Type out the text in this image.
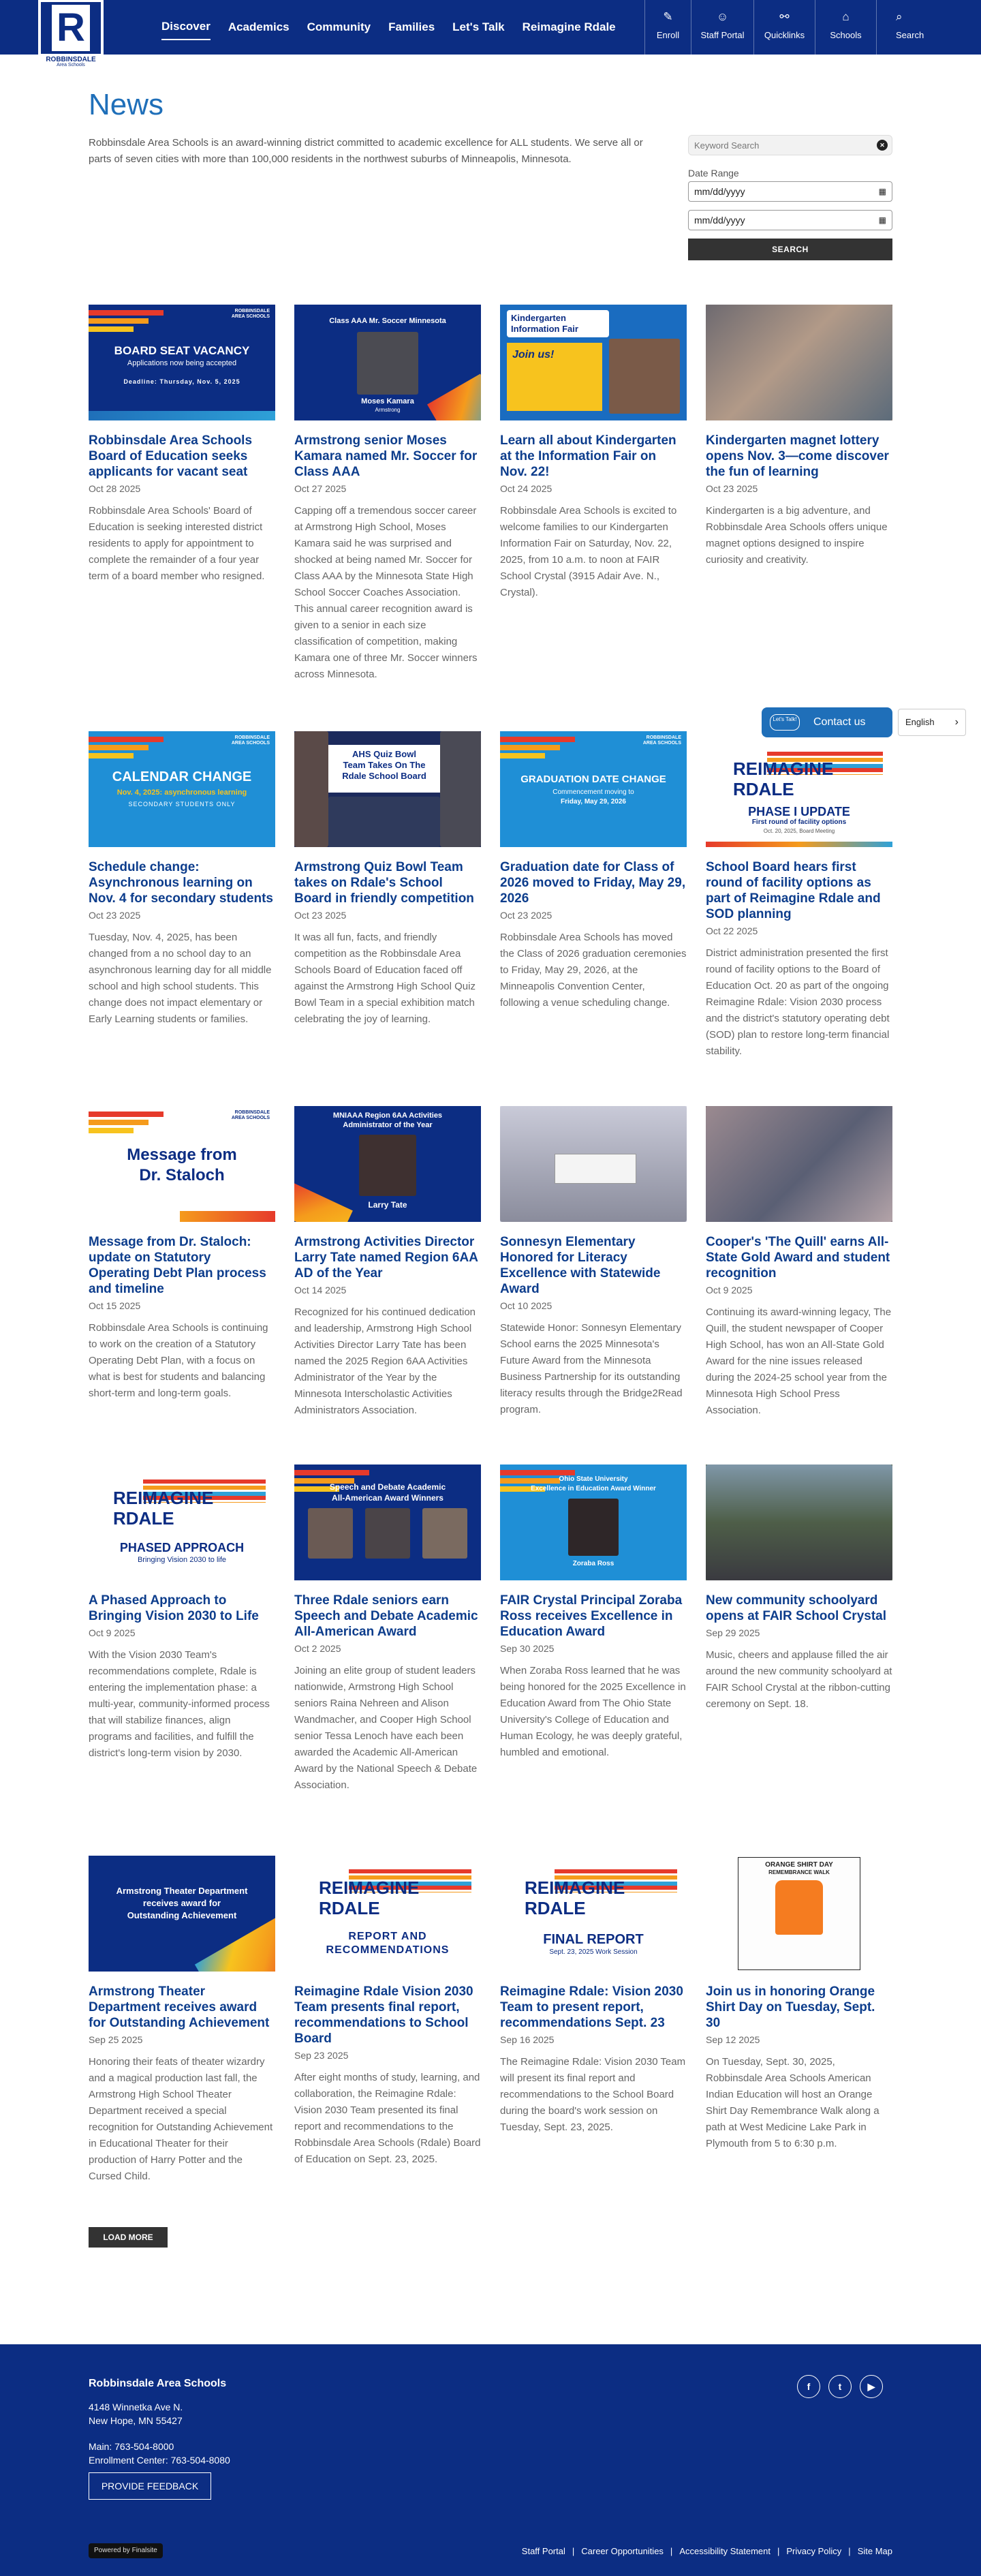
R
ROBBINSDALE
Area Schools
Discover Academics Community Families Let's Talk Reimagine Rdale
✎
Enroll
☺
Staff Portal
⚯
Quicklinks
⌂
Schools
⌕
Search
News

Robbinsdale Area Schools is an award-winning district committed to academic excellence for ALL students. We serve all or parts of seven cities with more than 100,000 residents in the northwest suburbs of Minneapolis, Minnesota.

Keyword Search	✕
Date Range
mm/dd/yyyy	▦
mm/dd/yyyy	▦
SEARCH
ROBBINSDALE
AREA SCHOOLS
BOARD SEAT VACANCY
Applications now being accepted
Deadline: Thursday, Nov. 5, 2025
Robbinsdale Area Schools Board of Education seeks applicants for vacant seat
Oct 28 2025
Robbinsdale Area Schools' Board of Education is seeking interested district residents to apply for appointment to complete the remainder of a four year term of a board member who resigned.
Class AAA Mr. Soccer Minnesota
Moses Kamara
Armstrong
Armstrong senior Moses Kamara named Mr. Soccer for Class AAA
Oct 27 2025
Capping off a tremendous soccer career at Armstrong High School, Moses Kamara said he was surprised and shocked at being named Mr. Soccer for Class AAA by the Minnesota State High School Soccer Coaches Association. This annual career recognition award is given to a senior in each size classification of competition, making Kamara one of three Mr. Soccer winners across Minnesota.
Kindergarten Information Fair
Join us!
Learn all about Kindergarten at the Information Fair on Nov. 22!
Oct 24 2025
Robbinsdale Area Schools is excited to welcome families to our Kindergarten Information Fair on Saturday, Nov. 22, 2025, from 10 a.m. to noon at FAIR School Crystal (3915 Adair Ave. N., Crystal).
Kindergarten magnet lottery opens Nov. 3—come discover the fun of learning
Oct 23 2025
Kindergarten is a big adventure, and Robbinsdale Area Schools offers unique magnet options designed to inspire curiosity and creativity.
ROBBINSDALE
AREA SCHOOLS
CALENDAR CHANGE
Nov. 4, 2025: asynchronous learning
SECONDARY STUDENTS ONLY
Schedule change: Asynchronous learning on Nov. 4 for secondary students
Oct 23 2025
Tuesday, Nov. 4, 2025, has been changed from a no school day to an asynchronous learning day for all middle school and high school students. This change does not impact elementary or Early Learning students or families.
AHS Quiz Bowl
Team Takes On The
Rdale School Board
Armstrong Quiz Bowl Team takes on Rdale's School Board in friendly competition
Oct 23 2025
It was all fun, facts, and friendly competition as the Robbinsdale Area Schools Board of Education faced off against the Armstrong High School Quiz Bowl Team in a special exhibition match celebrating the joy of learning.
ROBBINSDALE
AREA SCHOOLS
GRADUATION DATE CHANGE
Commencement moving to
Friday, May 29, 2026
Graduation date for Class of 2026 moved to Friday, May 29, 2026
Oct 23 2025
Robbinsdale Area Schools has moved the Class of 2026 graduation ceremonies to Friday, May 29, 2026, at the Minneapolis Convention Center, following a venue scheduling change.
REIMAGINE
RDALE
PHASE I UPDATE
First round of facility options
Oct. 20, 2025, Board Meeting
School Board hears first round of facility options as part of Reimagine Rdale and SOD planning
Oct 22 2025
District administration presented the first round of facility options to the Board of Education Oct. 20 as part of the ongoing Reimagine Rdale: Vision 2030 process and the district's statutory operating debt (SOD) plan to restore long-term financial stability.
ROBBINSDALE
AREA SCHOOLS
Message from
Dr. Staloch
Message from Dr. Staloch: update on Statutory Operating Debt Plan process and timeline
Oct 15 2025
Robbinsdale Area Schools is continuing to work on the creation of a Statutory Operating Debt Plan, with a focus on what is best for students and balancing short-term and long-term goals.
MNIAAA Region 6AA Activities
Administrator of the Year
Larry Tate
Armstrong Activities Director Larry Tate named Region 6AA AD of the Year
Oct 14 2025
Recognized for his continued dedication and leadership, Armstrong High School Activities Director Larry Tate has been named the 2025 Region 6AA Activities Administrator of the Year by the Minnesota Interscholastic Activities Administrators Association.
Sonnesyn Elementary Honored for Literacy Excellence with Statewide Award
Oct 10 2025
Statewide Honor: Sonnesyn Elementary School earns the 2025 Minnesota's Future Award from the Minnesota Business Partnership for its outstanding literacy results through the Bridge2Read program.
Cooper's 'The Quill' earns All-State Gold Award and student recognition
Oct 9 2025
Continuing its award-winning legacy, The Quill, the student newspaper of Cooper High School, has won an All-State Gold Award for the nine issues released during the 2024-25 school year from the Minnesota High School Press Association.
REIMAGINE
RDALE
PHASED APPROACH
Bringing Vision 2030 to life
A Phased Approach to Bringing Vision 2030 to Life
Oct 9 2025
With the Vision 2030 Team's recommendations complete, Rdale is entering the implementation phase: a multi-year, community-informed process that will stabilize finances, align programs and facilities, and fulfill the district's long-term vision by 2030.
Speech and Debate Academic
All-American Award Winners
Three Rdale seniors earn Speech and Debate Academic All-American Award
Oct 2 2025
Joining an elite group of student leaders nationwide, Armstrong High School seniors Raina Nehreen and Alison Wandmacher, and Cooper High School senior Tessa Lenoch have each been awarded the Academic All-American Award by the National Speech & Debate Association.
Ohio State University
Excellence in Education Award Winner
Zoraba Ross
FAIR Crystal Principal Zoraba Ross receives Excellence in Education Award
Sep 30 2025
When Zoraba Ross learned that he was being honored for the 2025 Excellence in Education Award from The Ohio State University's College of Education and Human Ecology, he was deeply grateful, humbled and emotional.
New community schoolyard opens at FAIR School Crystal
Sep 29 2025
Music, cheers and applause filled the air around the new community schoolyard at FAIR School Crystal at the ribbon-cutting ceremony on Sept. 18.
Armstrong Theater Department
receives award for
Outstanding Achievement
Armstrong Theater Department receives award for Outstanding Achievement
Sep 25 2025
Honoring their feats of theater wizardry and a magical production last fall, the Armstrong High School Theater Department received a special recognition for Outstanding Achievement in Educational Theater for their production of Harry Potter and the Cursed Child.
REIMAGINE
RDALE
REPORT AND
RECOMMENDATIONS
Reimagine Rdale Vision 2030 Team presents final report, recommendations to School Board
Sep 23 2025
After eight months of study, learning, and collaboration, the Reimagine Rdale: Vision 2030 Team presented its final report and recommendations to the Robbinsdale Area Schools (Rdale) Board of Education on Sept. 23, 2025.
REIMAGINE
RDALE
FINAL REPORT
Sept. 23, 2025 Work Session
Reimagine Rdale: Vision 2030 Team to present report, recommendations Sept. 23
Sep 16 2025
The Reimagine Rdale: Vision 2030 Team will present its final report and recommendations to the School Board during the board's work session on Tuesday, Sept. 23, 2025.
ORANGE SHIRT DAY
REMEMBRANCE WALK
Join us in honoring Orange Shirt Day on Tuesday, Sept. 30
Sep 12 2025
On Tuesday, Sept. 30, 2025, Robbinsdale Area Schools American Indian Education will host an Orange Shirt Day Remembrance Walk along a path at West Medicine Lake Park in Plymouth from 5 to 6:30 p.m.
LOAD MORE
Let's Talk! Contact us	English ›
Robbinsdale Area Schools
4148 Winnetka Ave N.
New Hope, MN 55427
Main: 763-504-8000
Enrollment Center: 763-504-8080
PROVIDE FEEDBACK
f	t	▶
Powered by Finalsite	Staff Portal | Career Opportunities | Accessibility Statement | Privacy Policy | Site Map
